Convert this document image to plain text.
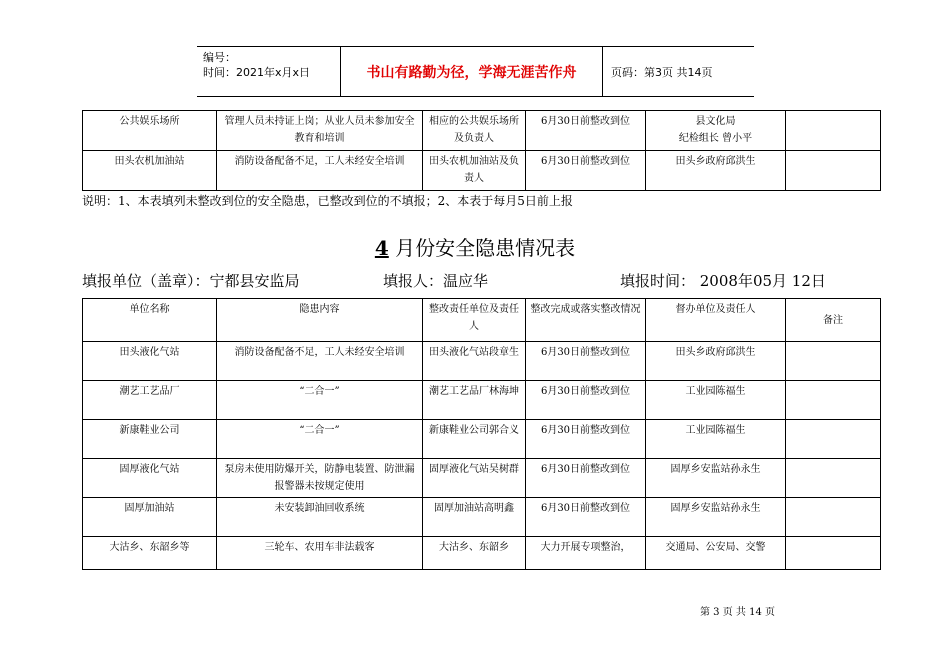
编号：
时间：2021年x月x日	书山有路勤为径，学海无涯苦作舟	页码：第3页 共14页
公共娱乐场所	管理人员未持证上岗；从业人员未参加安全教育和培训	相应的公共娱乐场所及负责人	6月30日前整改到位	县文化局
纪检组长 曾小平	
田头农机加油站	消防设备配备不足，工人未经安全培训	田头农机加油站及负责人	6月30日前整改到位	田头乡政府邱洪生	
说明：1、本表填列未整改到位的安全隐患，已整改到位的不填报；2、本表于每月5日前上报
4 月份安全隐患情况表
填报单位（盖章）：宁都县安监局	填报人：温应华	填报时间： 2008年05月 12日
单位名称	隐患内容	整改责任单位及责任人	整改完成或落实整改情况	督办单位及责任人	备注
田头液化气站	消防设备配备不足，工人未经安全培训	田头液化气站段章生	6月30日前整改到位	田头乡政府邱洪生	
潮艺工艺品厂	“二合一”	潮艺工艺品厂林海坤	6月30日前整改到位	工业园陈福生	
新康鞋业公司	“二合一”	新康鞋业公司郭合义	6月30日前整改到位	工业园陈福生	
固厚液化气站	泵房未使用防爆开关，防静电装置、防泄漏报警器未按规定使用	固厚液化气站吴树群	6月30日前整改到位	固厚乡安监站孙永生	
固厚加油站	未安装卸油回收系统	固厚加油站高明鑫	6月30日前整改到位	固厚乡安监站孙永生	
大沽乡、东韶乡等	三轮车、农用车非法载客	大沽乡、东韶乡	大力开展专项整治，	交通局、公安局、交警	
第 3 页 共 14 页
